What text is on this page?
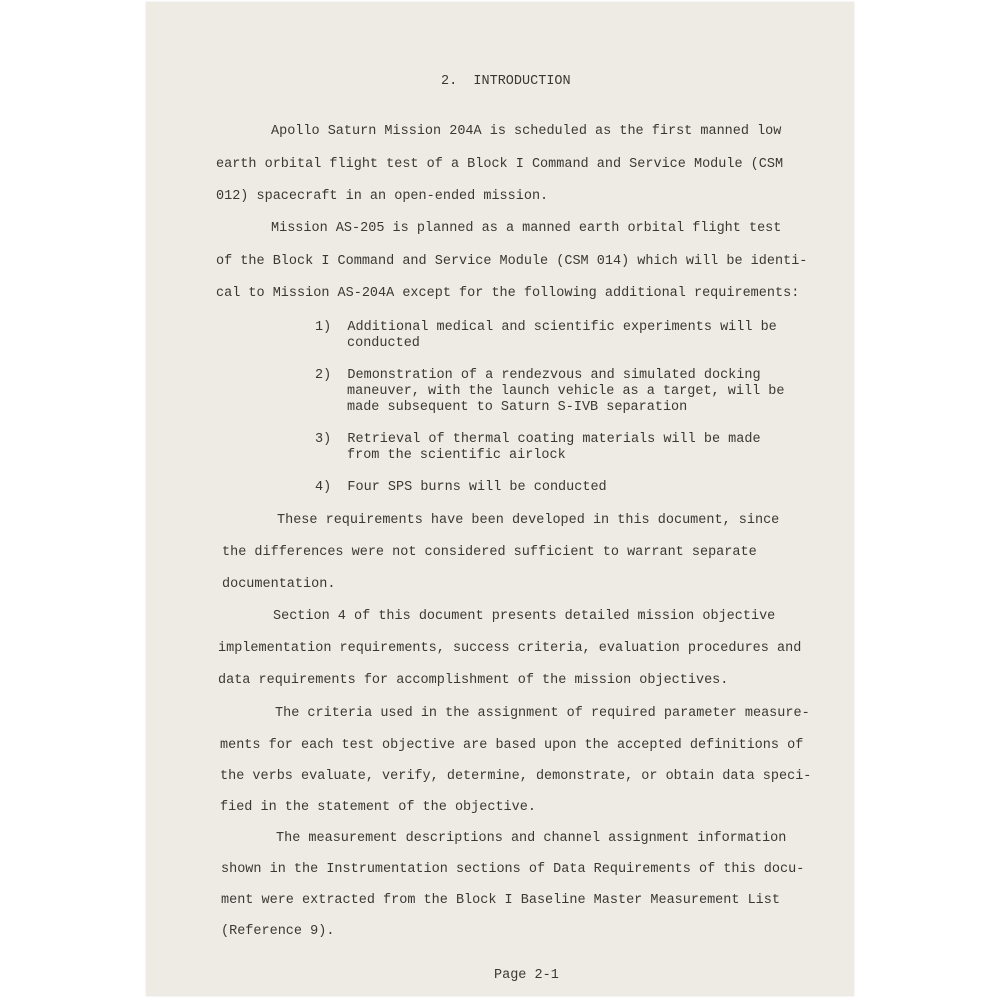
2.  INTRODUCTION

Apollo Saturn Mission 204A is scheduled as the first manned low

earth orbital flight test of a Block I Command and Service Module (CSM

012) spacecraft in an open-ended mission.

Mission AS-205 is planned as a manned earth orbital flight test

of the Block I Command and Service Module (CSM 014) which will be identi-

cal to Mission AS-204A except for the following additional requirements:

1)  Additional medical and scientific experiments will be

conducted

2)  Demonstration of a rendezvous and simulated docking

maneuver, with the launch vehicle as a target, will be

made subsequent to Saturn S-IVB separation

3)  Retrieval of thermal coating materials will be made

from the scientific airlock

4)  Four SPS burns will be conducted

These requirements have been developed in this document, since

the differences were not considered sufficient to warrant separate

documentation.

Section 4 of this document presents detailed mission objective

implementation requirements, success criteria, evaluation procedures and

data requirements for accomplishment of the mission objectives.

The criteria used in the assignment of required parameter measure-

ments for each test objective are based upon the accepted definitions of

the verbs evaluate, verify, determine, demonstrate, or obtain data speci-

fied in the statement of the objective.

The measurement descriptions and channel assignment information

shown in the Instrumentation sections of Data Requirements of this docu-

ment were extracted from the Block I Baseline Master Measurement List

(Reference 9).

Page 2-1
